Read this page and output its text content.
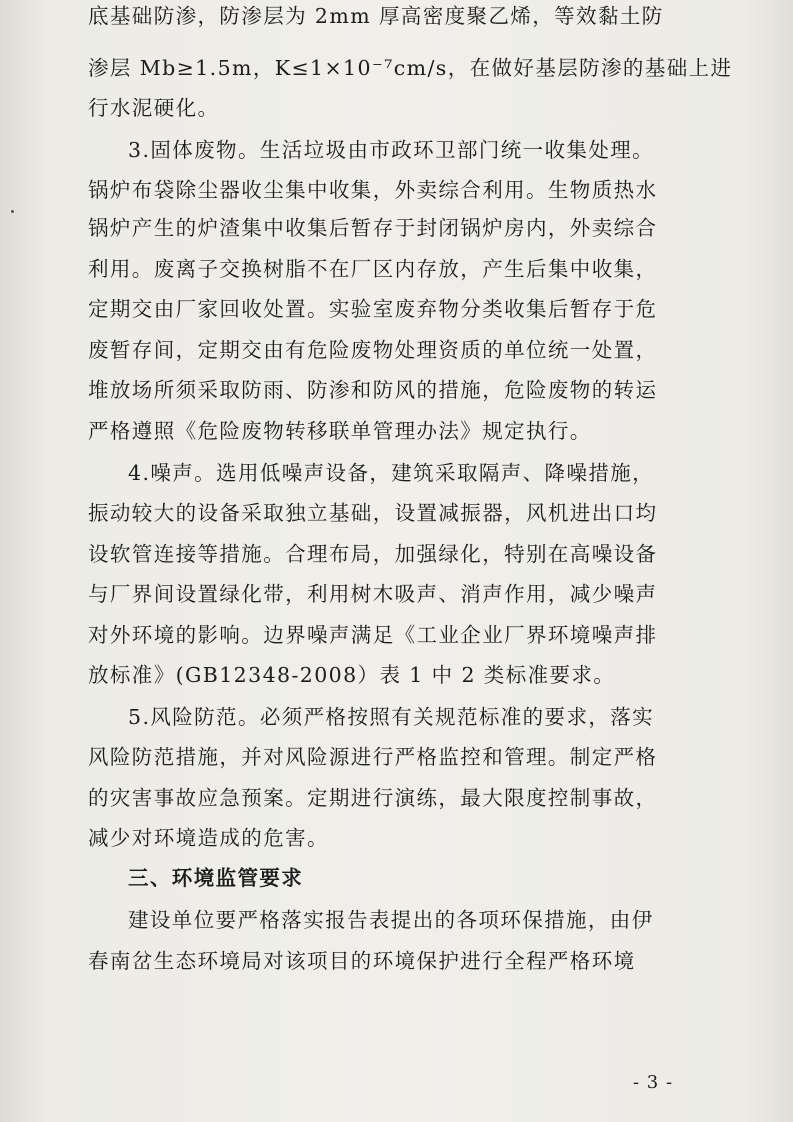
底基础防渗，防渗层为 2mm 厚高密度聚乙烯，等效黏土防
渗层 Mb≥1.5m，K≤1×10⁻⁷cm/s，在做好基层防渗的基础上进
行水泥硬化。
3.固体废物。生活垃圾由市政环卫部门统一收集处理。
锅炉布袋除尘器收尘集中收集，外卖综合利用。生物质热水
锅炉产生的炉渣集中收集后暂存于封闭锅炉房内，外卖综合
利用。废离子交换树脂不在厂区内存放，产生后集中收集，
定期交由厂家回收处置。实验室废弃物分类收集后暂存于危
废暂存间，定期交由有危险废物处理资质的单位统一处置，
堆放场所须采取防雨、防渗和防风的措施，危险废物的转运
严格遵照《危险废物转移联单管理办法》规定执行。
4.噪声。选用低噪声设备，建筑采取隔声、降噪措施，
振动较大的设备采取独立基础，设置减振器，风机进出口均
设软管连接等措施。合理布局，加强绿化，特别在高噪设备
与厂界间设置绿化带，利用树木吸声、消声作用，减少噪声
对外环境的影响。边界噪声满足《工业企业厂界环境噪声排
放标准》(GB12348-2008）表 1 中 2 类标准要求。
5.风险防范。必须严格按照有关规范标准的要求，落实
风险防范措施，并对风险源进行严格监控和管理。制定严格
的灾害事故应急预案。定期进行演练，最大限度控制事故，
减少对环境造成的危害。
三、环境监管要求
建设单位要严格落实报告表提出的各项环保措施，由伊
春南岔生态环境局对该项目的环境保护进行全程严格环境
- 3 -
